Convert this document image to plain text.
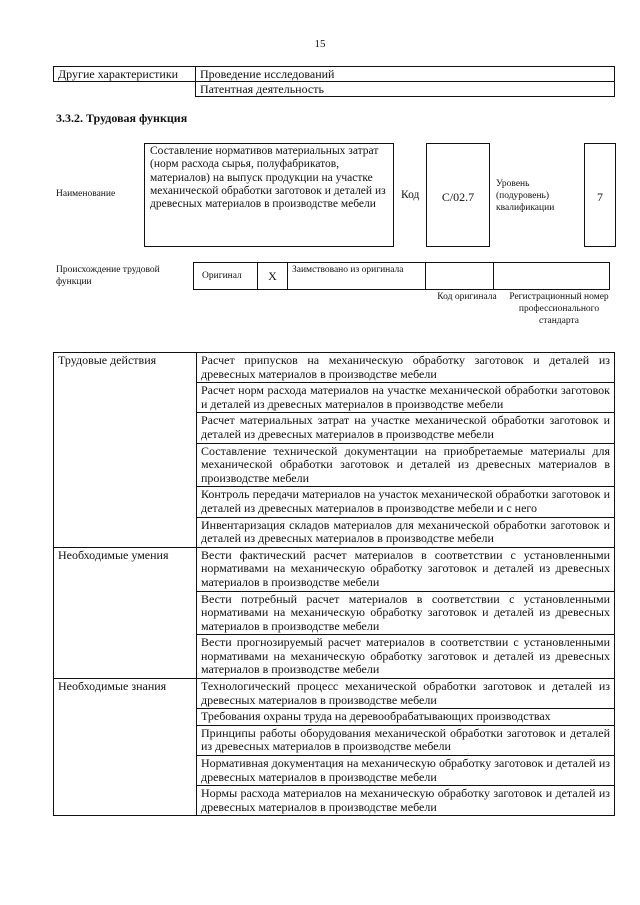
15
Другие характеристики	Проведение исследований
	Патентная деятельность
3.3.2. Трудовая функция
Наименование
Составление нормативов материальных затрат (норм расхода сырья, полуфабрикатов, материалов) на выпуск продукции на участке механической обработки заготовок и деталей из древесных материалов в производстве мебели
Код	C/02.7
Уровень (подуровень) квалификации
7
Происхождение трудовой функции
Оригинал	X	Заимствовано из оригинала		
Код оригинала	Регистрационный номер профессионального стандарта
Трудовые действия	Расчет припусков на механическую обработку заготовок и деталей из древесных материалов в производстве мебели
	Расчет норм расхода материалов на участке механической обработки заготовок и деталей из древесных материалов в производстве мебели
	Расчет материальных затрат на участке механической обработки заготовок и деталей из древесных материалов в производстве мебели
	Составление технической документации на приобретаемые материалы для механической обработки заготовок и деталей из древесных материалов в производстве мебели
	Контроль передачи материалов на участок механической обработки заготовок и деталей из древесных материалов в производстве мебели и с него
	Инвентаризация складов материалов для механической обработки заготовок и деталей из древесных материалов в производстве мебели
Необходимые умения	Вести фактический расчет материалов в соответствии с установленными нормативами на механическую обработку заготовок и деталей из древесных материалов в производстве мебели
	Вести потребный расчет материалов в соответствии с установленными нормативами на механическую обработку заготовок и деталей из древесных материалов в производстве мебели
	Вести прогнозируемый расчет материалов в соответствии с установленными нормативами на механическую обработку заготовок и деталей из древесных материалов в производстве мебели
Необходимые знания	Технологический процесс механической обработки заготовок и деталей из древесных материалов в производстве мебели
	Требования охраны труда на деревообрабатывающих производствах
	Принципы работы оборудования механической обработки заготовок и деталей из древесных материалов в производстве мебели
	Нормативная документация на механическую обработку заготовок и деталей из древесных материалов в производстве мебели
	Нормы расхода материалов на механическую обработку заготовок и деталей из древесных материалов в производстве мебели
